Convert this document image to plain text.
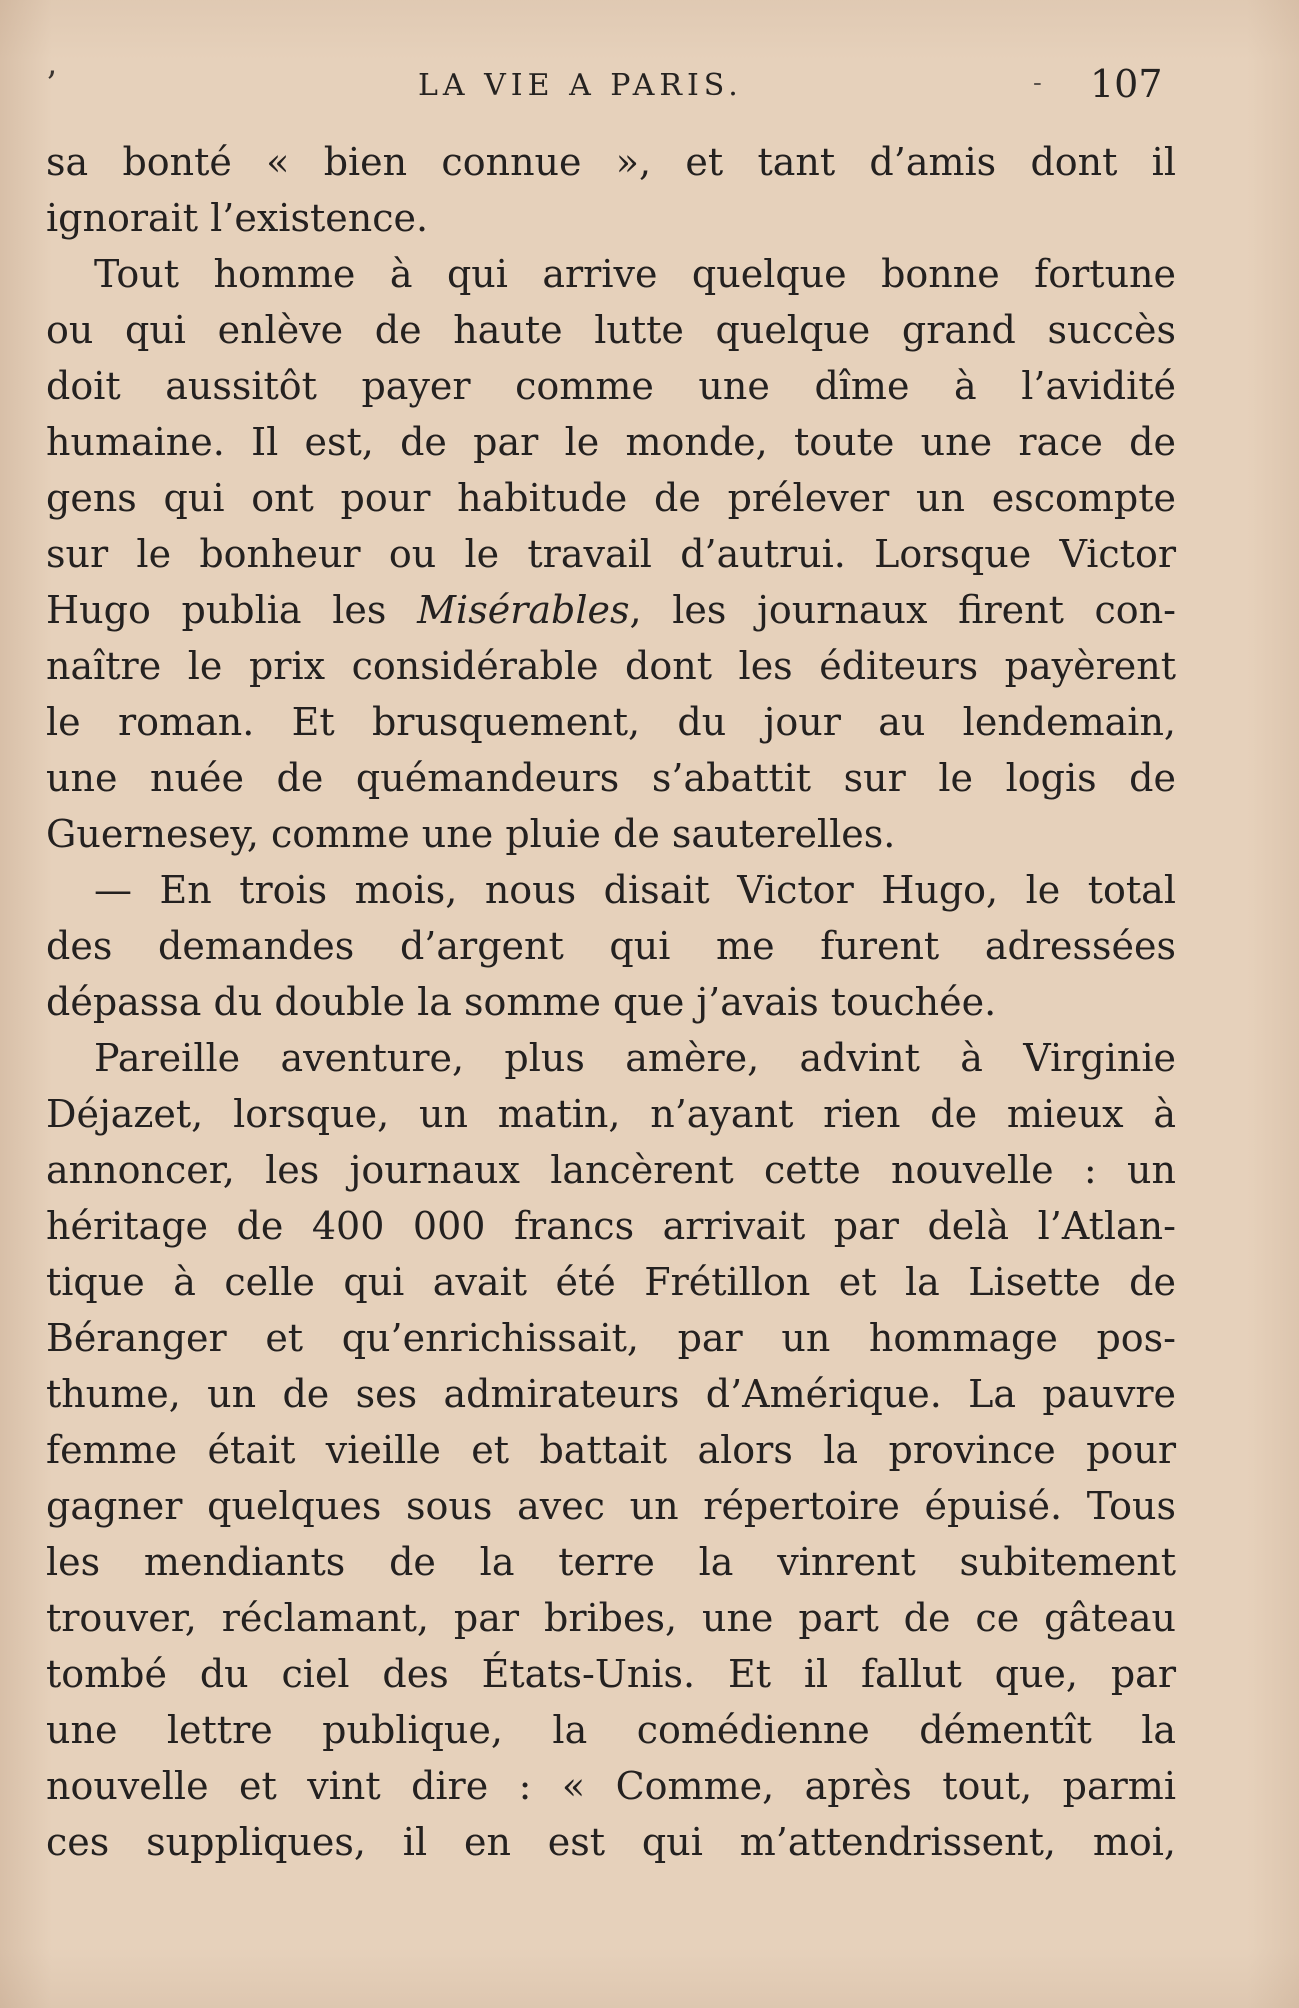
’	LA VIE A PARIS.	- 107
sa bonté « bien connue », et tant d’amis dont il
ignorait l’existence.
Tout homme à qui arrive quelque bonne fortune
ou qui enlève de haute lutte quelque grand succès
doit aussitôt payer comme une dîme à l’avidité
humaine. Il est, de par le monde, toute une race de
gens qui ont pour habitude de prélever un escompte
sur le bonheur ou le travail d’autrui. Lorsque Victor
Hugo publia les Misérables, les journaux firent con-
naître le prix considérable dont les éditeurs payèrent
le roman. Et brusquement, du jour au lendemain,
une nuée de quémandeurs s’abattit sur le logis de
Guernesey, comme une pluie de sauterelles.
— En trois mois, nous disait Victor Hugo, le total
des demandes d’argent qui me furent adressées
dépassa du double la somme que j’avais touchée.
Pareille aventure, plus amère, advint à Virginie
Déjazet, lorsque, un matin, n’ayant rien de mieux à
annoncer, les journaux lancèrent cette nouvelle : un
héritage de 400 000 francs arrivait par delà l’Atlan-
tique à celle qui avait été Frétillon et la Lisette de
Béranger et qu’enrichissait, par un hommage pos-
thume, un de ses admirateurs d’Amérique. La pauvre
femme était vieille et battait alors la province pour
gagner quelques sous avec un répertoire épuisé. Tous
les mendiants de la terre la vinrent subitement
trouver, réclamant, par bribes, une part de ce gâteau
tombé du ciel des États-Unis. Et il fallut que, par
une lettre publique, la comédienne démentît la
nouvelle et vint dire : « Comme, après tout, parmi
ces suppliques, il en est qui m’attendrissent, moi,
